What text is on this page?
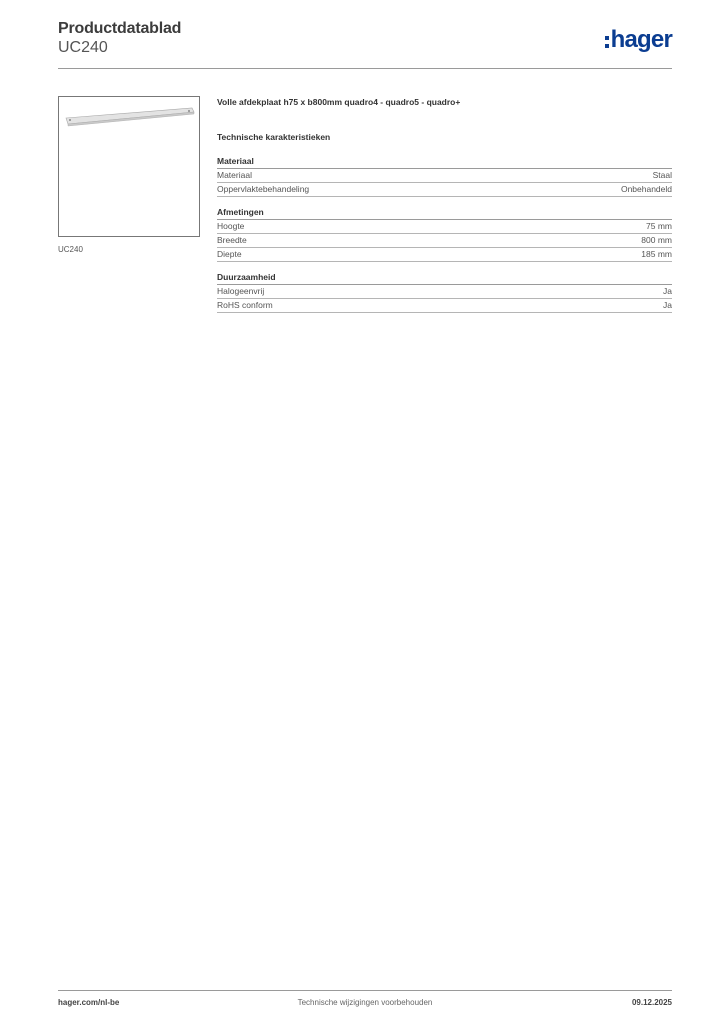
Productdatablad
UC240	hager
UC240
Volle afdekplaat h75 x b800mm quadro4 - quadro5 - quadro+
Technische karakteristieken
Materiaal
Materiaal	Staal
Oppervlaktebehandeling	Onbehandeld
Afmetingen
Hoogte	75 mm
Breedte	800 mm
Diepte	185 mm
Duurzaamheid
Halogeenvrij	Ja
RoHS conform	Ja
hager.com/nl-be	Technische wijzigingen voorbehouden	09.12.2025
